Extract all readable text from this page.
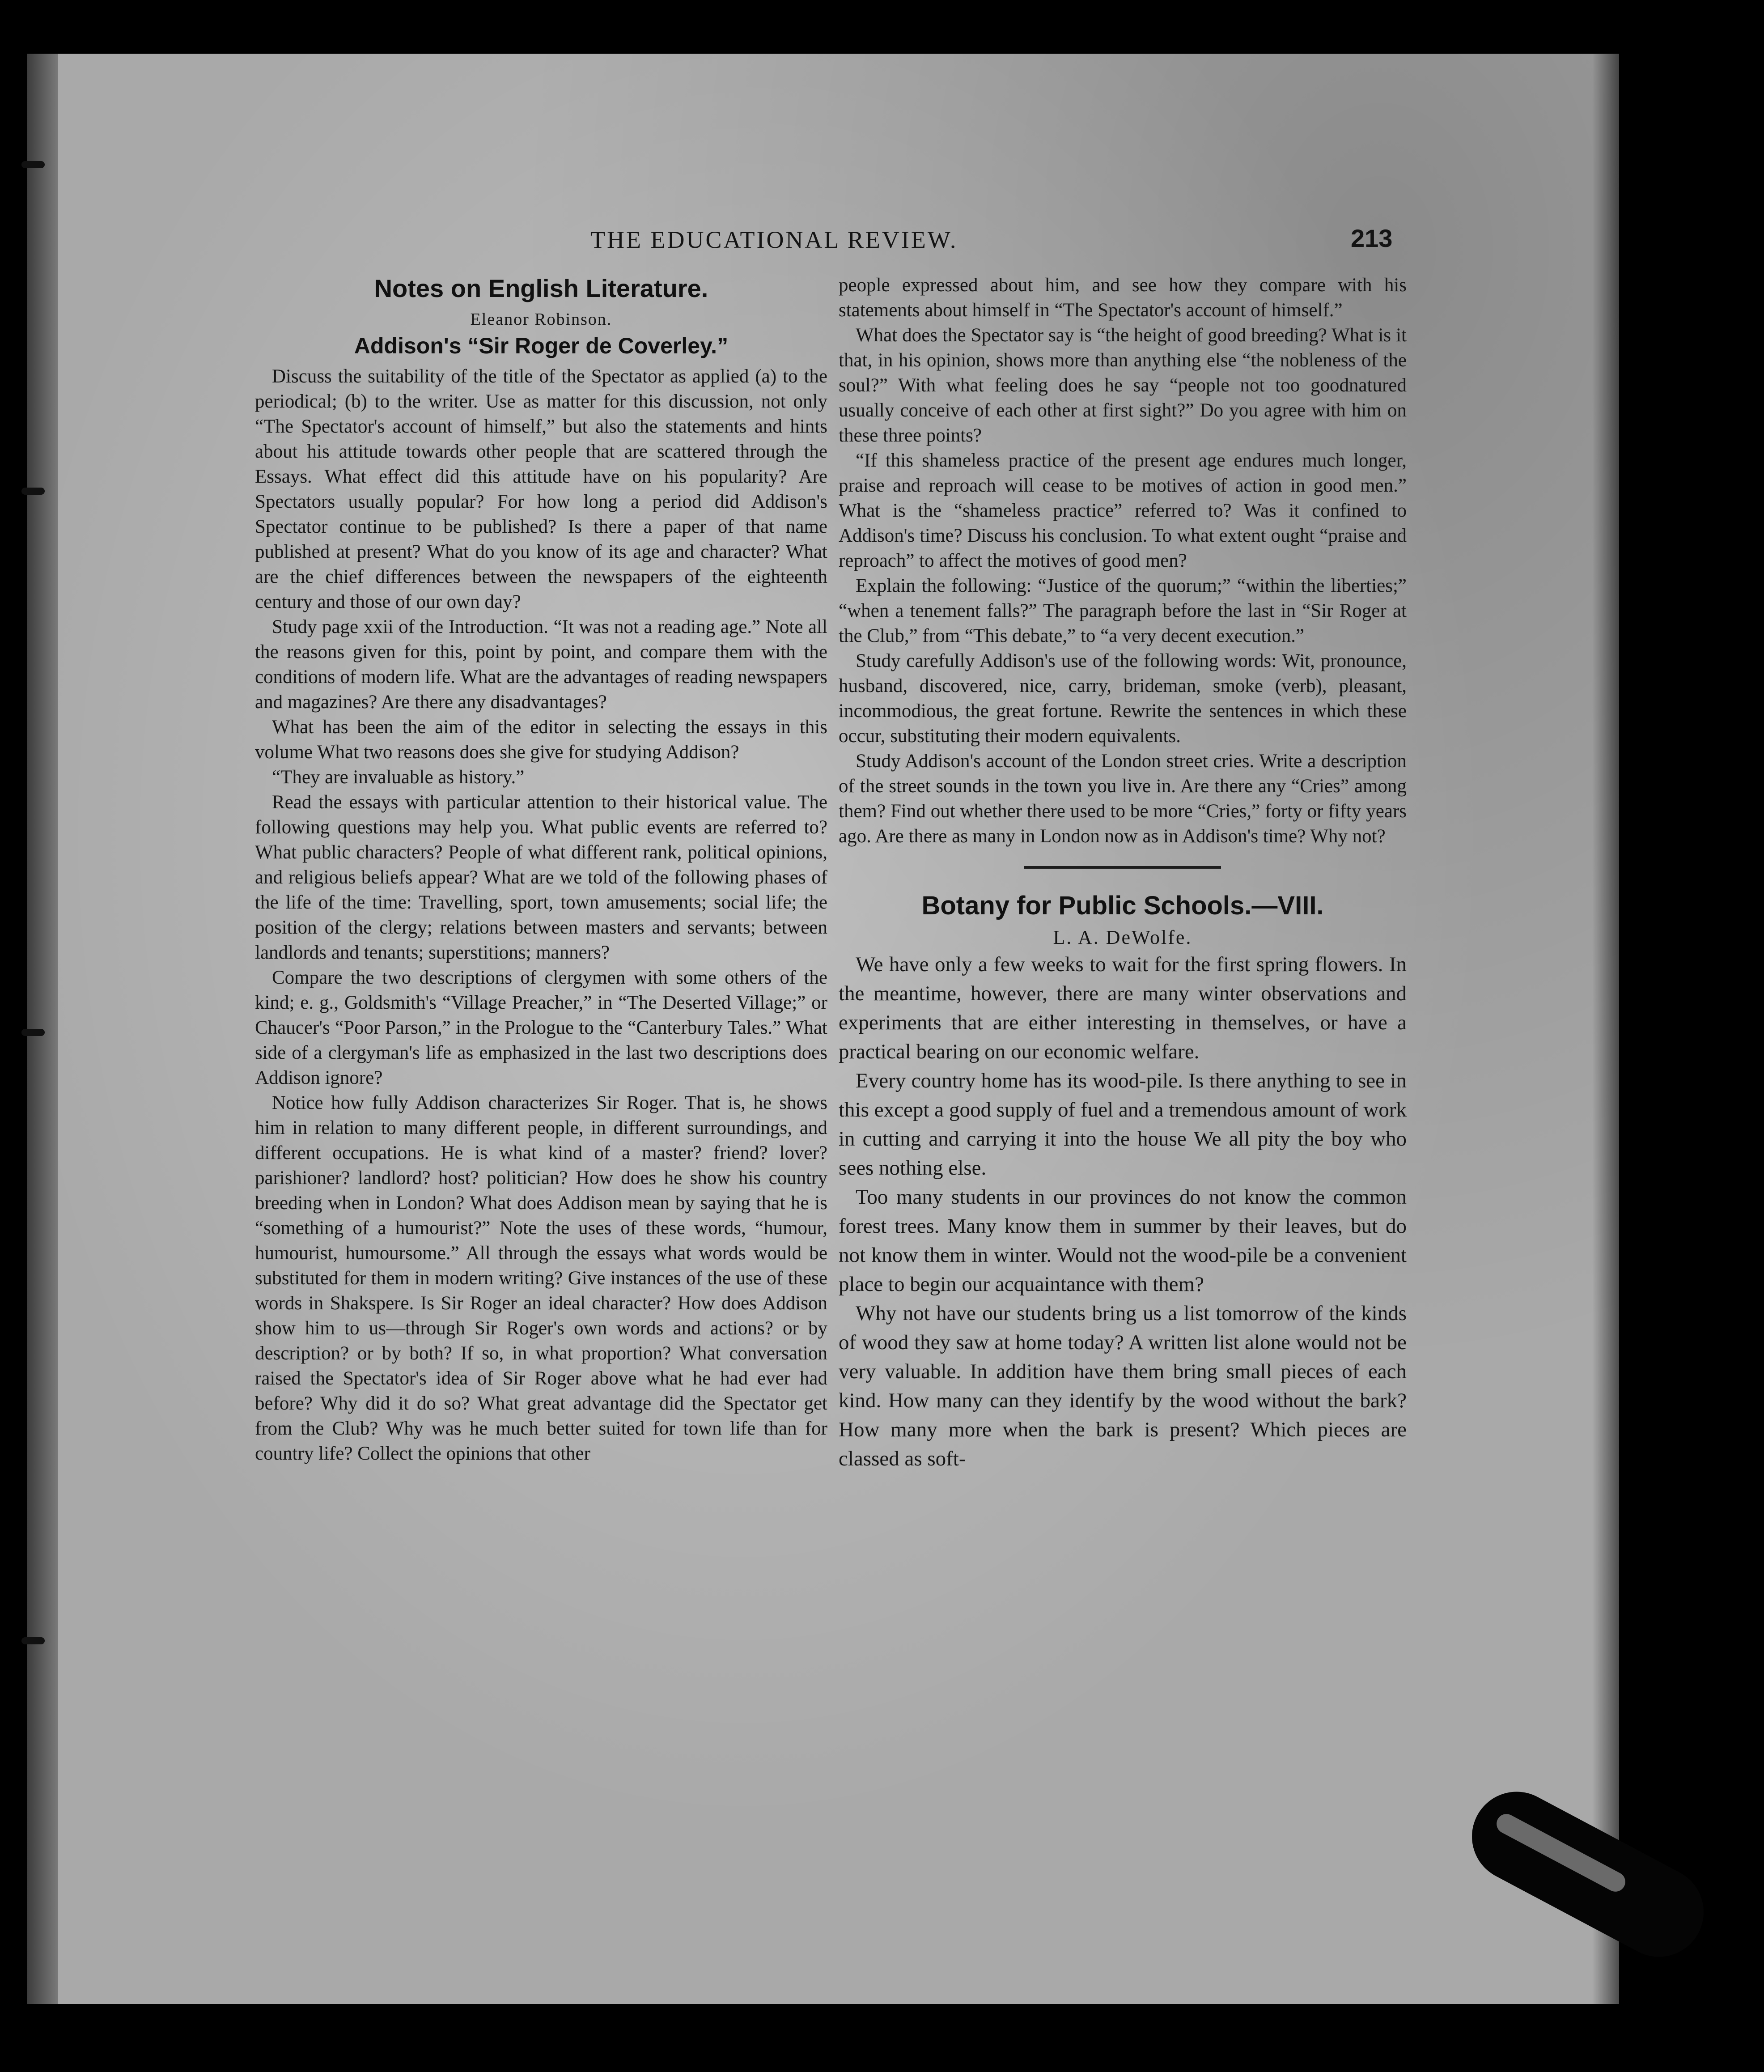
THE EDUCATIONAL REVIEW.	213
Notes on English Literature.

Eleanor Robinson.

Addison's “Sir Roger de Coverley.”

Discuss the suitability of the title of the Spectator as applied (a) to the periodical; (b) to the writer. Use as matter for this discussion, not only “The Spectator's account of himself,” but also the statements and hints about his attitude towards other people that are scattered through the Essays. What effect did this attitude have on his popularity? Are Spectators usually popular? For how long a period did Addison's Spectator continue to be published? Is there a paper of that name published at present? What do you know of its age and character? What are the chief differences between the newspapers of the eighteenth century and those of our own day?

Study page xxii of the Introduction. “It was not a reading age.” Note all the reasons given for this, point by point, and compare them with the conditions of modern life. What are the advantages of reading newspapers and magazines? Are there any disadvantages?

What has been the aim of the editor in selecting the essays in this volume What two reasons does she give for studying Addison?

“They are invaluable as history.”

Read the essays with particular attention to their historical value. The following questions may help you. What public events are referred to? What public characters? People of what different rank, political opinions, and religious beliefs appear? What are we told of the following phases of the life of the time: Travelling, sport, town amusements; social life; the position of the clergy; relations between masters and servants; between landlords and tenants; superstitions; manners?

Compare the two descriptions of clergymen with some others of the kind; e. g., Goldsmith's “Village Preacher,” in “The Deserted Village;” or Chaucer's “Poor Parson,” in the Prologue to the “Canterbury Tales.” What side of a clergyman's life as emphasized in the last two descriptions does Addison ignore?

Notice how fully Addison characterizes Sir Roger. That is, he shows him in relation to many different people, in different surroundings, and different occupations. He is what kind of a master? friend? lover? parishioner? landlord? host? politician? How does he show his country breeding when in London? What does Addison mean by saying that he is “something of a humourist?” Note the uses of these words, “humour, humourist, humoursome.” All through the essays what words would be substituted for them in modern writing? Give instances of the use of these words in Shakspere. Is Sir Roger an ideal character? How does Addison show him to us—through Sir Roger's own words and actions? or by description? or by both? If so, in what proportion? What conversation raised the Spectator's idea of Sir Roger above what he had ever had before? Why did it do so? What great advantage did the Spectator get from the Club? Why was he much better suited for town life than for country life? Collect the opinions that other

people expressed about him, and see how they compare with his statements about himself in “The Spectator's account of himself.”

What does the Spectator say is “the height of good breeding? What is it that, in his opinion, shows more than anything else “the nobleness of the soul?” With what feeling does he say “people not too goodnatured usually conceive of each other at first sight?” Do you agree with him on these three points?

“If this shameless practice of the present age endures much longer, praise and reproach will cease to be motives of action in good men.” What is the “shameless practice” referred to? Was it confined to Addison's time? Discuss his conclusion. To what extent ought “praise and reproach” to affect the motives of good men?

Explain the following: “Justice of the quorum;” “within the liberties;” “when a tenement falls?” The paragraph before the last in “Sir Roger at the Club,” from “This debate,” to “a very decent execution.”

Study carefully Addison's use of the following words: Wit, pronounce, husband, discovered, nice, carry, brideman, smoke (verb), pleasant, incommodious, the great fortune. Rewrite the sentences in which these occur, substituting their modern equivalents.

Study Addison's account of the London street cries. Write a description of the street sounds in the town you live in. Are there any “Cries” among them? Find out whether there used to be more “Cries,” forty or fifty years ago. Are there as many in London now as in Addison's time? Why not?

Botany for Public Schools.—VIII.

L. A. DeWolfe.

We have only a few weeks to wait for the first spring flowers. In the meantime, however, there are many winter observations and experiments that are either interesting in themselves, or have a practical bearing on our economic welfare.

Every country home has its wood-pile. Is there anything to see in this except a good supply of fuel and a tremendous amount of work in cutting and carrying it into the house We all pity the boy who sees nothing else.

Too many students in our provinces do not know the common forest trees. Many know them in summer by their leaves, but do not know them in winter. Would not the wood-pile be a convenient place to begin our acquaintance with them?

Why not have our students bring us a list tomorrow of the kinds of wood they saw at home today? A written list alone would not be very valuable. In addition have them bring small pieces of each kind. How many can they identify by the wood without the bark? How many more when the bark is present? Which pieces are classed as soft-
